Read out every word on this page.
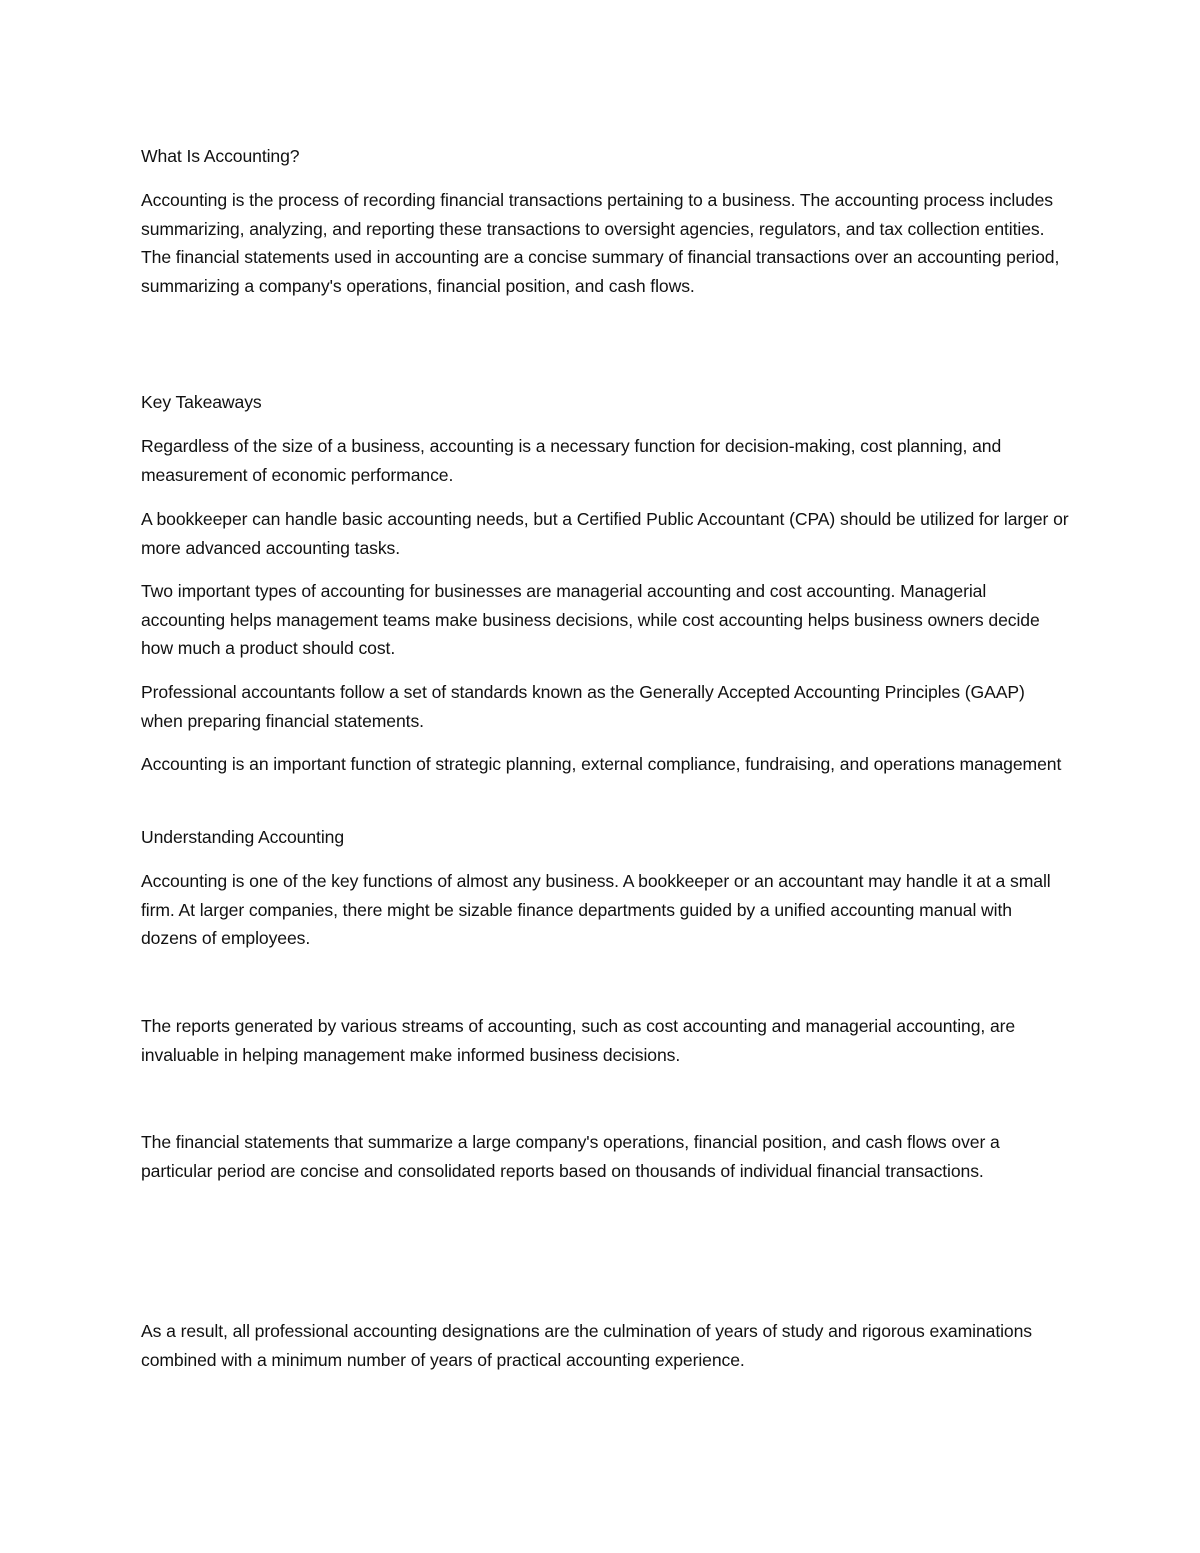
What Is Accounting?

Accounting is the process of recording financial transactions pertaining to a business. The accounting process includes summarizing, analyzing, and reporting these transactions to oversight agencies, regulators, and tax collection entities. The financial statements used in accounting are a concise summary of financial transactions over an accounting period, summarizing a company's operations, financial position, and cash flows.

Key Takeaways

Regardless of the size of a business, accounting is a necessary function for decision-making, cost planning, and measurement of economic performance.

A bookkeeper can handle basic accounting needs, but a Certified Public Accountant (CPA) should be utilized for larger or more advanced accounting tasks.

Two important types of accounting for businesses are managerial accounting and cost accounting. Managerial accounting helps management teams make business decisions, while cost accounting helps business owners decide how much a product should cost.

Professional accountants follow a set of standards known as the Generally Accepted Accounting Principles (GAAP) when preparing financial statements.

Accounting is an important function of strategic planning, external compliance, fundraising, and operations management

Understanding Accounting

Accounting is one of the key functions of almost any business. A bookkeeper or an accountant may handle it at a small firm. At larger companies, there might be sizable finance departments guided by a unified accounting manual with dozens of employees.

The reports generated by various streams of accounting, such as cost accounting and managerial accounting, are invaluable in helping management make informed business decisions.

The financial statements that summarize a large company's operations, financial position, and cash flows over a particular period are concise and consolidated reports based on thousands of individual financial transactions.

As a result, all professional accounting designations are the culmination of years of study and rigorous examinations combined with a minimum number of years of practical accounting experience.
